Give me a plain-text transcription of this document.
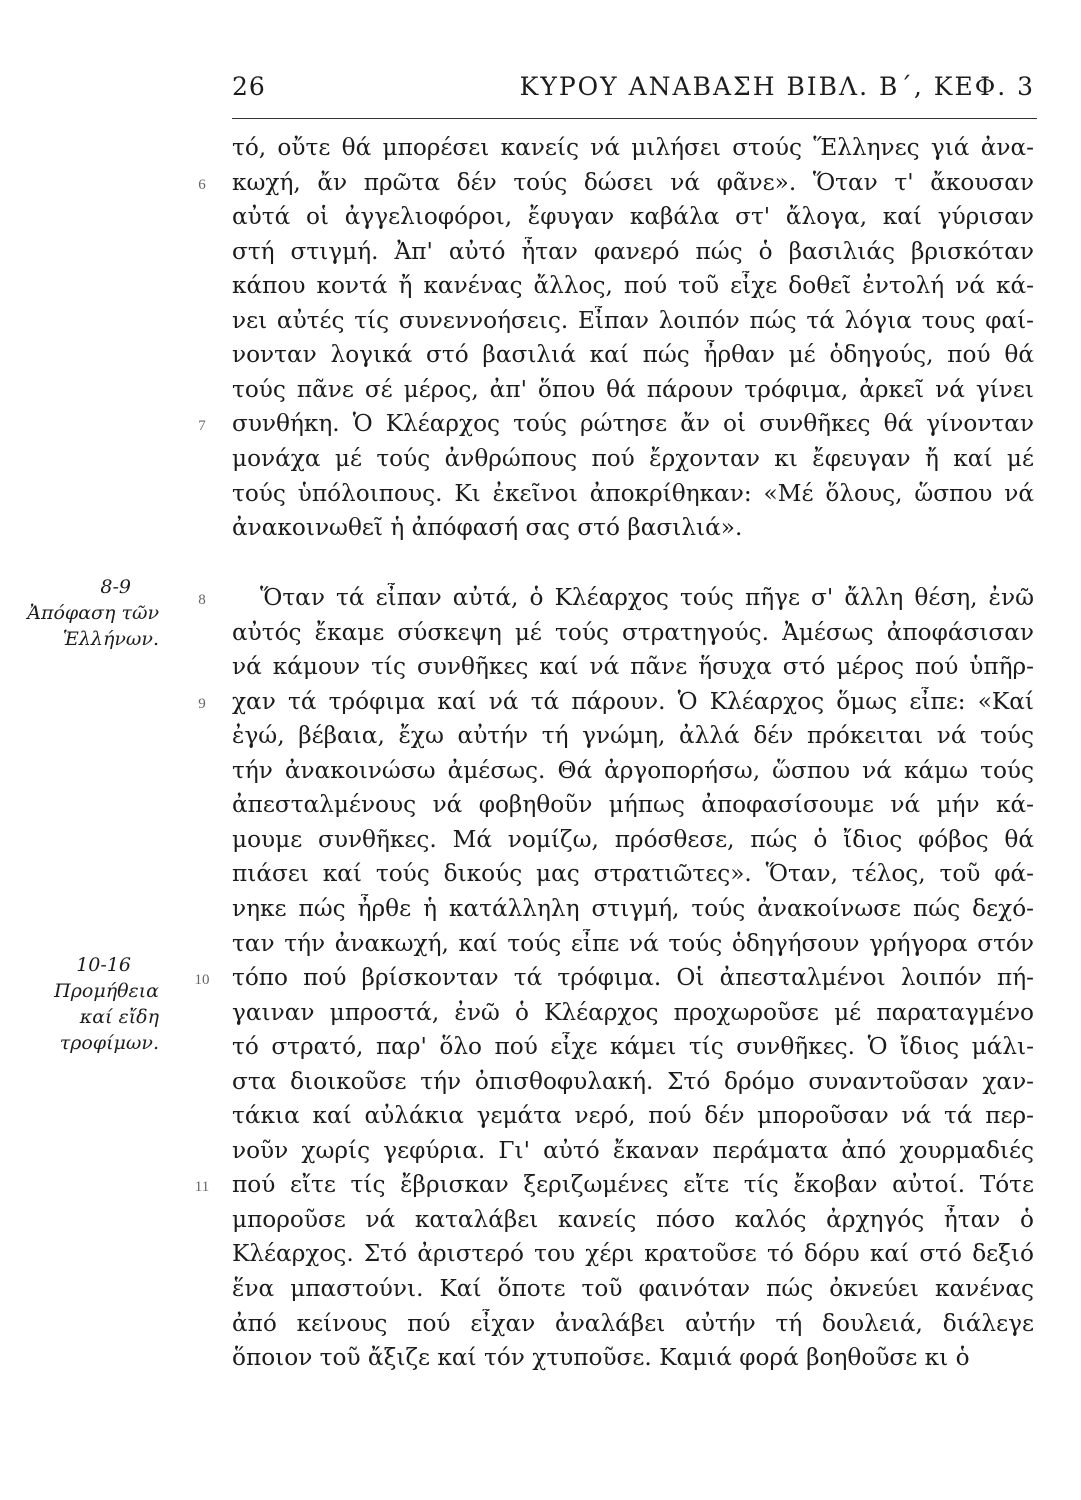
26	ΚΥΡΟΥ ΑΝΑΒΑΣΗ ΒΙΒΛ. Β΄, ΚΕΦ. 3
τό, οὔτε θά μπορέσει κανείς νά μιλήσει στούς Ἕλληνες γιά ἀνα-
κωχή, ἄν πρῶτα δέν τούς δώσει νά φᾶνε». Ὅταν τ' ἄκουσαν
αὐτά οἱ ἀγγελιοφόροι, ἔφυγαν καβάλα στ' ἄλογα, καί γύρισαν
στή στιγμή. Ἀπ' αὐτό ἦταν φανερό πώς ὁ βασιλιάς βρισκόταν
κάπου κοντά ἤ κανένας ἄλλος, πού τοῦ εἶχε δοθεῖ ἐντολή νά κά-
νει αὐτές τίς συνεννοήσεις. Εἶπαν λοιπόν πώς τά λόγια τους φαί-
νονταν λογικά στό βασιλιά καί πώς ἦρθαν μέ ὁδηγούς, πού θά
τούς πᾶνε σέ μέρος, ἀπ' ὅπου θά πάρουν τρόφιμα, ἀρκεῖ νά γίνει
συνθήκη. Ὁ Κλέαρχος τούς ρώτησε ἄν οἱ συνθῆκες θά γίνονταν
μονάχα μέ τούς ἀνθρώπους πού ἔρχονταν κι ἔφευγαν ἤ καί μέ
τούς ὑπόλοιπους. Κι ἐκεῖνοι ἀποκρίθηκαν: «Μέ ὅλους, ὥσπου νά
ἀνακοινωθεῖ ἡ ἀπόφασή σας στό βασιλιά».
Ὅταν τά εἶπαν αὐτά, ὁ Κλέαρχος τούς πῆγε σ' ἄλλη θέση, ἐνῶ
αὐτός ἔκαμε σύσκεψη μέ τούς στρατηγούς. Ἀμέσως ἀποφάσισαν
νά κάμουν τίς συνθῆκες καί νά πᾶνε ἥσυχα στό μέρος πού ὑπῆρ-
χαν τά τρόφιμα καί νά τά πάρουν. Ὁ Κλέαρχος ὅμως εἶπε: «Καί
ἐγώ, βέβαια, ἔχω αὐτήν τή γνώμη, ἀλλά δέν πρόκειται νά τούς
τήν ἀνακοινώσω ἀμέσως. Θά ἀργοπορήσω, ὥσπου νά κάμω τούς
ἀπεσταλμένους νά φοβηθοῦν μήπως ἀποφασίσουμε νά μήν κά-
μουμε συνθῆκες. Μά νομίζω, πρόσθεσε, πώς ὁ ἴδιος φόβος θά
πιάσει καί τούς δικούς μας στρατιῶτες». Ὅταν, τέλος, τοῦ φά-
νηκε πώς ἦρθε ἡ κατάλληλη στιγμή, τούς ἀνακοίνωσε πώς δεχό-
ταν τήν ἀνακωχή, καί τούς εἶπε νά τούς ὁδηγήσουν γρήγορα στόν
τόπο πού βρίσκονταν τά τρόφιμα. Οἱ ἀπεσταλμένοι λοιπόν πή-
γαιναν μπροστά, ἐνῶ ὁ Κλέαρχος προχωροῦσε μέ παραταγμένο
τό στρατό, παρ' ὅλο πού εἶχε κάμει τίς συνθῆκες. Ὁ ἴδιος μάλι-
στα διοικοῦσε τήν ὀπισθοφυλακή. Στό δρόμο συναντοῦσαν χαν-
τάκια καί αὐλάκια γεμάτα νερό, πού δέν μποροῦσαν νά τά περ-
νοῦν χωρίς γεφύρια. Γι' αὐτό ἔκαναν περάματα ἀπό χουρμαδιές
πού εἴτε τίς ἔβρισκαν ξεριζωμένες εἴτε τίς ἔκοβαν αὐτοί. Τότε
μποροῦσε νά καταλάβει κανείς πόσο καλός ἀρχηγός ἦταν ὁ
Κλέαρχος. Στό ἀριστερό του χέρι κρατοῦσε τό δόρυ καί στό δεξιό
ἕνα μπαστούνι. Καί ὅποτε τοῦ φαινόταν πώς ὀκνεύει κανένας
ἀπό κείνους πού εἶχαν ἀναλάβει αὐτήν τή δουλειά, διάλεγε
ὅποιον τοῦ ἄξιζε καί τόν χτυποῦσε. Καμιά φορά βοηθοῦσε κι ὁ
6
7
8
9
10
11
8-9
Ἀπόφαση τῶν
Ἑλλήνων.
10-16
Προμήθεια
καί εἴδη
τροφίμων.
